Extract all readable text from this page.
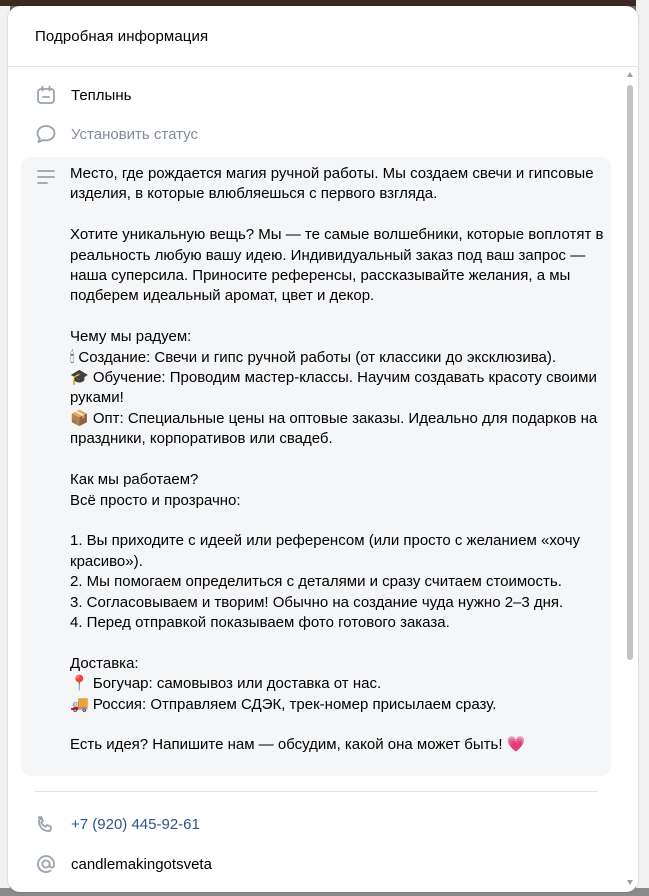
Подробная информация
Теплынь
Установить статус
Место, где рождается магия ручной работы. Мы создаем свечи и гипсовые изделия, в которые влюбляешься с первого взгляда.

Хотите уникальную вещь? Мы — те самые волшебники, которые воплотят в реальность любую вашу идею. Индивидуальный заказ под ваш запрос — наша суперсила. Приносите референсы, рассказывайте желания, а мы подберем идеальный аромат, цвет и декор.

Чему мы радуем:
🕯 Создание: Свечи и гипс ручной работы (от классики до эксклюзива).
🎓 Обучение: Проводим мастер-классы. Научим создавать красоту своими руками!
📦 Опт: Специальные цены на оптовые заказы. Идеально для подарков на праздники, корпоративов или свадеб.

Как мы работаем?
Всё просто и прозрачно:

1. Вы приходите с идеей или референсом (или просто с желанием «хочу красиво»).
2. Мы помогаем определиться с деталями и сразу считаем стоимость.
3. Согласовываем и творим! Обычно на создание чуда нужно 2–3 дня.
4. Перед отправкой показываем фото готового заказа.

Доставка:
📍 Богучар: самовывоз или доставка от нас.
🚚 Россия: Отправляем СДЭК, трек-номер присылаем сразу.

Есть идея? Напишите нам — обсудим, какой она может быть! 💗
+7 (920) 445-92-61
candlemakingotsveta
